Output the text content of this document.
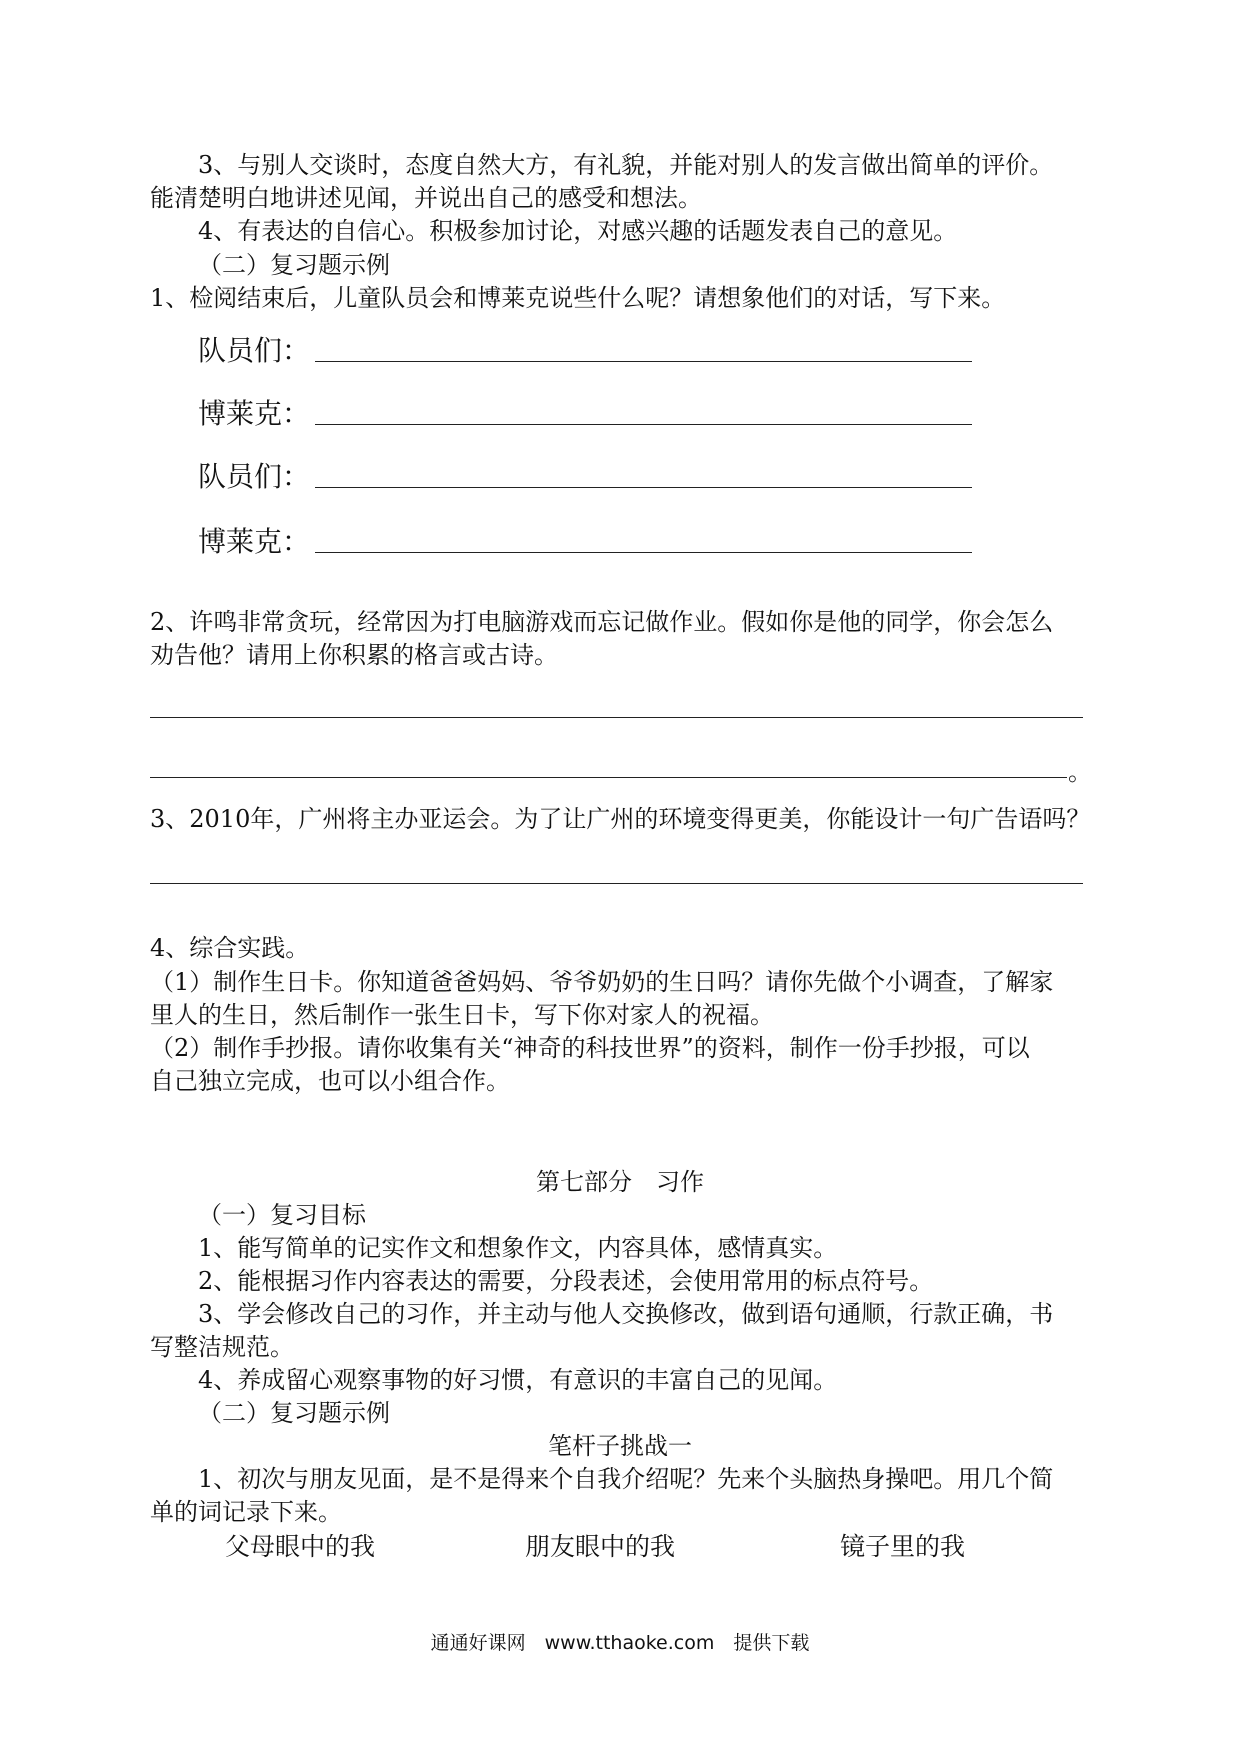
3、与别人交谈时，态度自然大方，有礼貌，并能对别人的发言做出简单的评价。
能清楚明白地讲述见闻，并说出自己的感受和想法。
4、有表达的自信心。积极参加讨论，对感兴趣的话题发表自己的意见。
（二）复习题示例
1、检阅结束后，儿童队员会和博莱克说些什么呢？请想象他们的对话，写下来。
队员们：
博莱克：
队员们：
博莱克：
2、许鸣非常贪玩，经常因为打电脑游戏而忘记做作业。假如你是他的同学，你会怎么
劝告他？请用上你积累的格言或古诗。
。
3、2010年，广州将主办亚运会。为了让广州的环境变得更美，你能设计一句广告语吗？
4、综合实践。
（1）制作生日卡。你知道爸爸妈妈、爷爷奶奶的生日吗？请你先做个小调查，了解家
里人的生日，然后制作一张生日卡，写下你对家人的祝福。
（2）制作手抄报。请你收集有关“神奇的科技世界”的资料，制作一份手抄报，可以
自己独立完成，也可以小组合作。
第七部分　习作
（一）复习目标
1、能写简单的记实作文和想象作文，内容具体，感情真实。
2、能根据习作内容表达的需要，分段表述，会使用常用的标点符号。
3、学会修改自己的习作，并主动与他人交换修改，做到语句通顺，行款正确，书
写整洁规范。
4、养成留心观察事物的好习惯，有意识的丰富自己的见闻。
（二）复习题示例
笔杆子挑战一
1、初次与朋友见面，是不是得来个自我介绍呢？先来个头脑热身操吧。用几个简
单的词记录下来。
父母眼中的我	朋友眼中的我	镜子里的我
通通好课网　www.tthaoke.com　提供下载
